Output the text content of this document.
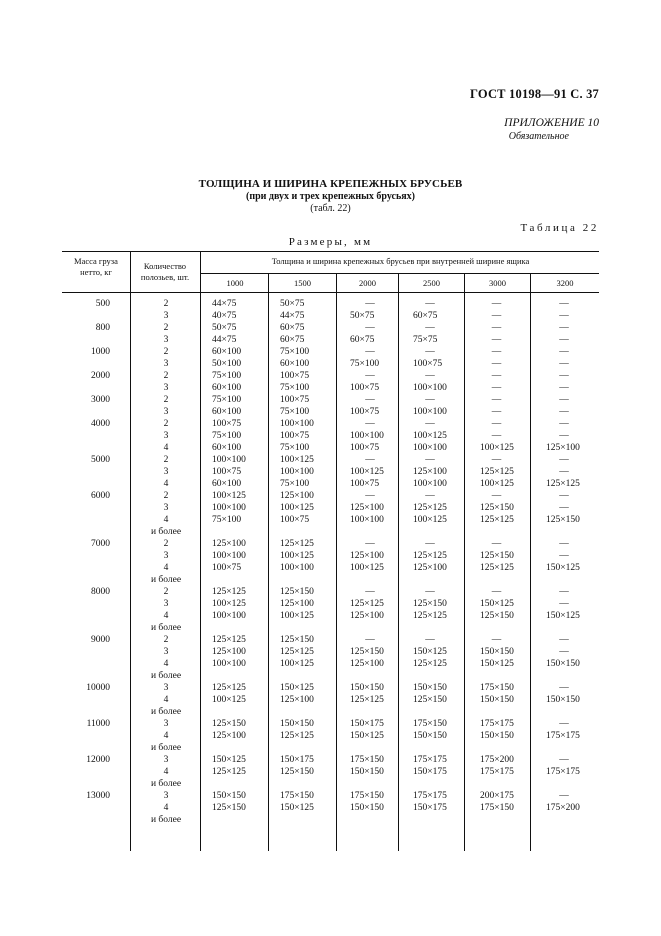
ГОСТ 10198—91 С. 37
ПРИЛОЖЕНИЕ 10
Обязательное
ТОЛЩИНА И ШИРИНА КРЕПЕЖНЫХ БРУСЬЕВ
(при двух и трех крепежных брусьях)
(табл. 22)
Таблица 22
Размеры, мм
Масса груза нетто, кг
Количество полозьев, шт.
Толщина и ширина крепежных брусьев при внутренней ширине ящика
1000	1500	2000	2500	3000	3200
500	2	44×75	50×75	—	—	—	—
3	40×75	44×75	50×75	60×75	—	—
800	2	50×75	60×75	—	—	—	—
3	44×75	60×75	60×75	75×75	—	—
1000	2	60×100	75×100	—	—	—	—
3	50×100	60×100	75×100	100×75	—	—
2000	2	75×100	100×75	—	—	—	—
3	60×100	75×100	100×75	100×100	—	—
3000	2	75×100	100×75	—	—	—	—
3	60×100	75×100	100×75	100×100	—	—
4000	2	100×75	100×100	—	—	—	—
3	75×100	100×75	100×100	100×125	—	—
4	60×100	75×100	100×75	100×100	100×125	125×100
5000	2	100×100	100×125	—	—	—	—
3	100×75	100×100	100×125	125×100	125×125	—
4	60×100	75×100	100×75	100×100	100×125	125×125
6000	2	100×125	125×100	—	—	—	—
3	100×100	100×125	125×100	125×125	125×150	—
4	75×100	100×75	100×100	100×125	125×125	125×150
и более
7000	2	125×100	125×125	—	—	—	—
3	100×100	100×125	125×100	125×125	125×150	—
4	100×75	100×100	100×125	125×100	125×125	150×125
и более
8000	2	125×125	125×150	—	—	—	—
3	100×125	125×100	125×125	125×150	150×125	—
4	100×100	100×125	125×100	125×125	125×150	150×125
и более
9000	2	125×125	125×150	—	—	—	—
3	125×100	125×125	125×150	150×125	150×150	—
4	100×100	100×125	125×100	125×125	150×125	150×150
и более
10000	3	125×125	150×125	150×150	150×150	175×150	—
4	100×125	125×100	125×125	125×150	150×150	150×150
и более
11000	3	125×150	150×150	150×175	175×150	175×175	—
4	125×100	125×125	150×125	150×150	150×150	175×175
и более
12000	3	150×125	150×175	175×150	175×175	175×200	—
4	125×125	125×150	150×150	150×175	175×175	175×175
и более
13000	3	150×150	175×150	175×150	175×175	200×175	—
4	125×150	150×125	150×150	150×175	175×150	175×200
и более
